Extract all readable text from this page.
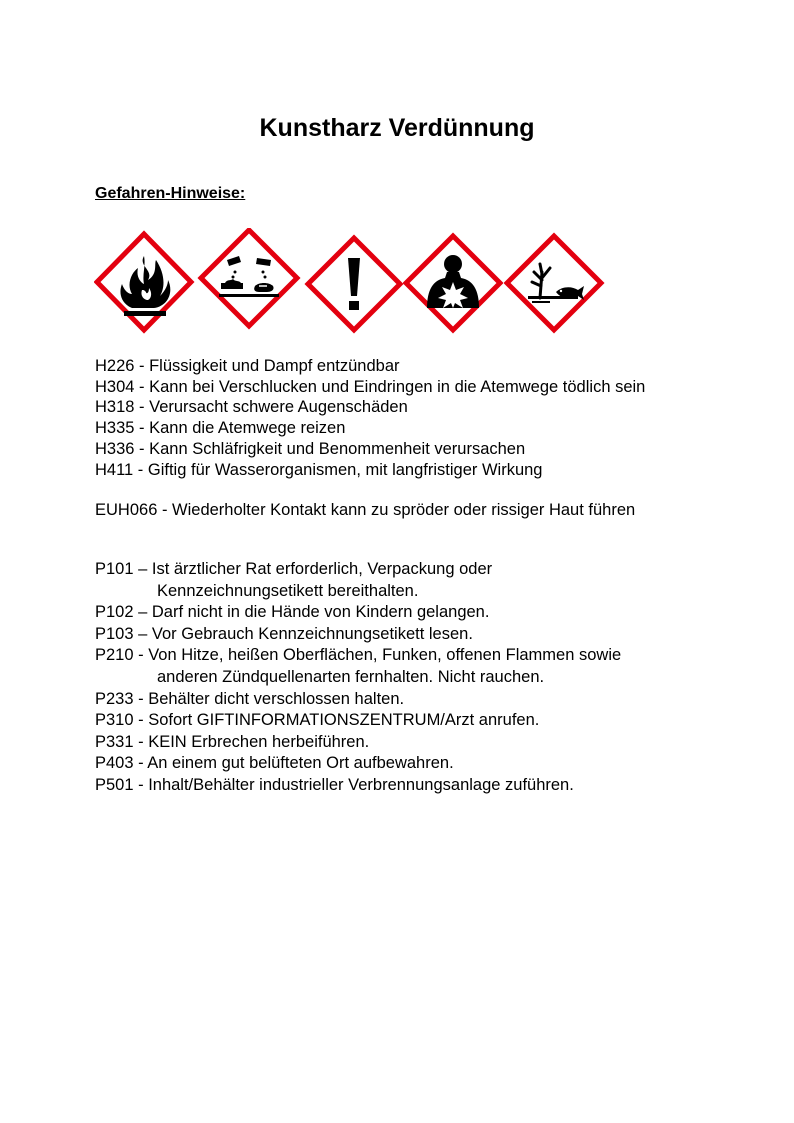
Kunstharz Verdünnung
Gefahren-Hinweise:
H226 - Flüssigkeit und Dampf entzündbar
H304 - Kann bei Verschlucken und Eindringen in die Atemwege tödlich sein
H318 - Verursacht schwere Augenschäden
H335 - Kann die Atemwege reizen
H336 - Kann Schläfrigkeit und Benommenheit verursachen
H411 - Giftig für Wasserorganismen, mit langfristiger Wirkung
EUH066 - Wiederholter Kontakt kann zu spröder oder rissiger Haut führen
P101 – Ist ärztlicher Rat erforderlich, Verpackung oder
Kennzeichnungsetikett bereithalten.
P102 – Darf nicht in die Hände von Kindern gelangen.
P103 – Vor Gebrauch Kennzeichnungsetikett lesen.
P210 - Von Hitze, heißen Oberflächen, Funken, offenen Flammen sowie
anderen Zündquellenarten fernhalten. Nicht rauchen.
P233 - Behälter dicht verschlossen halten.
P310 - Sofort GIFTINFORMATIONSZENTRUM/Arzt anrufen.
P331 - KEIN Erbrechen herbeiführen.
P403 - An einem gut belüfteten Ort aufbewahren.
P501 - Inhalt/Behälter industrieller Verbrennungsanlage zuführen.
